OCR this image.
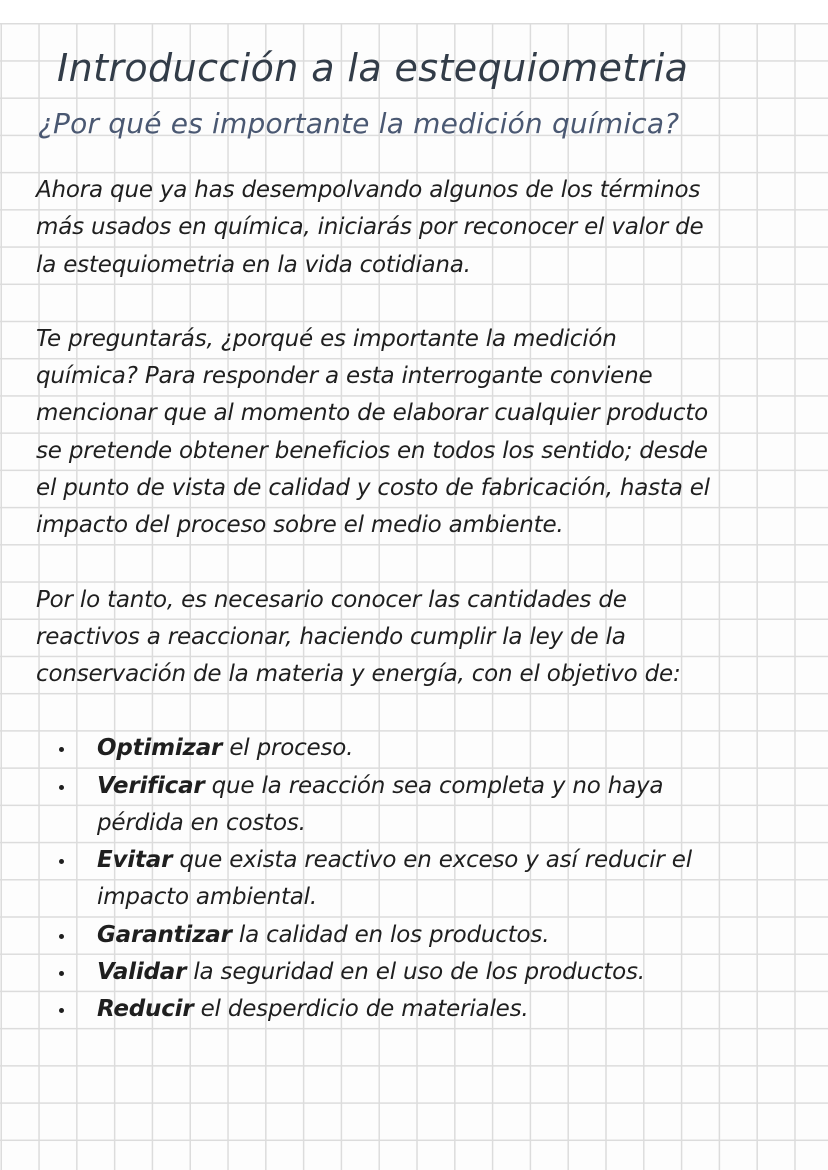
Introducción a la estequiometria
¿Por qué es importante la medición química?
Ahora que ya has desempolvando algunos de los términos
más usados en química, iniciarás por reconocer el valor de
la estequiometria en la vida cotidiana.
Te preguntarás, ¿porqué es importante la medición
química? Para responder a esta interrogante conviene
mencionar que al momento de elaborar cualquier producto
se pretende obtener beneficios en todos los sentido; desde
el punto de vista de calidad y costo de fabricación, hasta el
impacto del proceso sobre el medio ambiente.
Por lo tanto, es necesario conocer las cantidades de
reactivos a reaccionar, haciendo cumplir la ley de la
conservación de la materia y energía, con el objetivo de:
Optimizar el proceso.
Verificar que la reacción sea completa y no haya
pérdida en costos.
Evitar que exista reactivo en exceso y así reducir el
impacto ambiental.
Garantizar la calidad en los productos.
Validar la seguridad en el uso de los productos.
Reducir el desperdicio de materiales.
